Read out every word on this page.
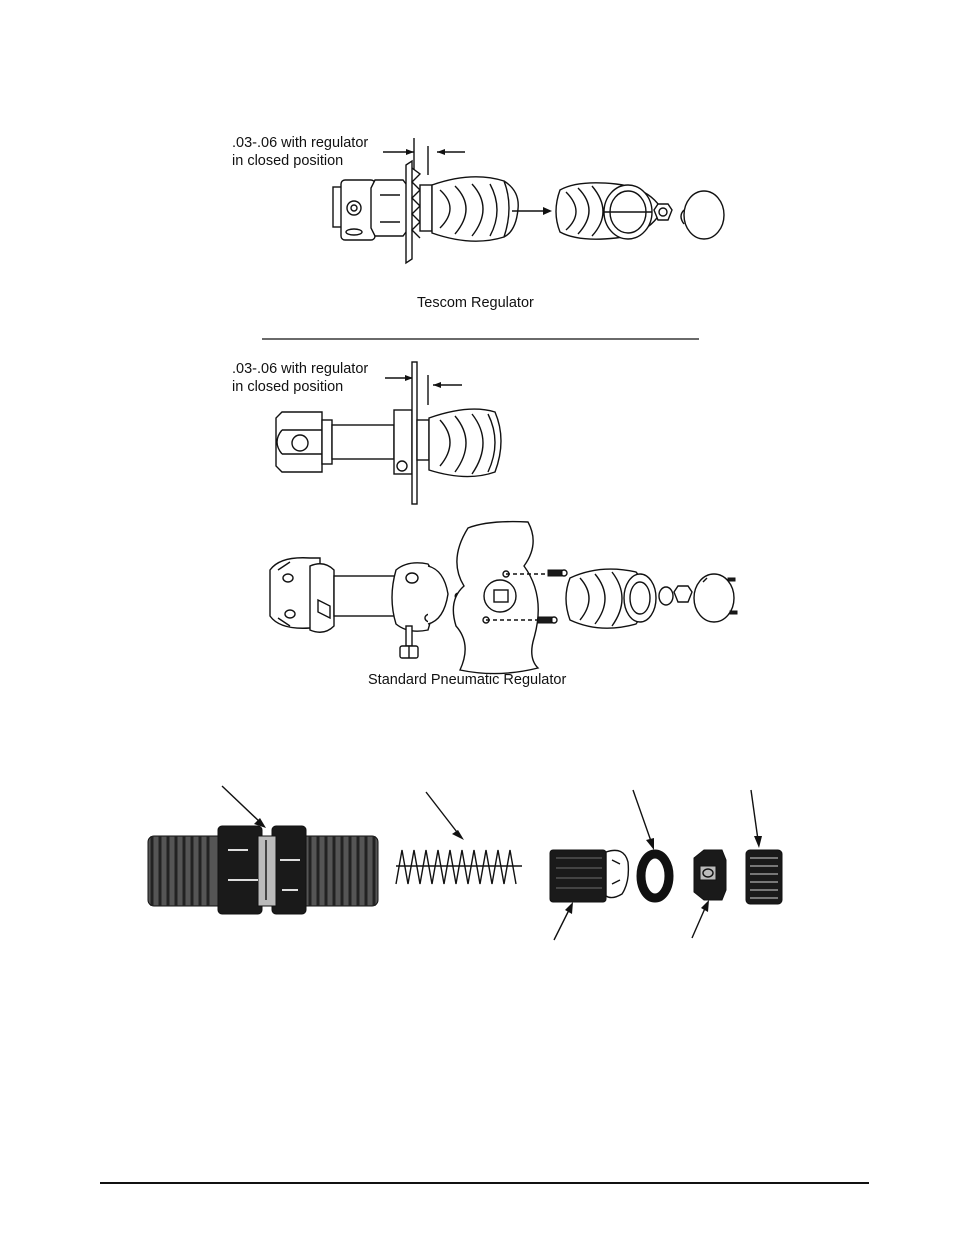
.03-.06 with regulator
in closed position
Tescom Regulator
.03-.06 with regulator
in closed position
Standard Pneumatic Regulator
